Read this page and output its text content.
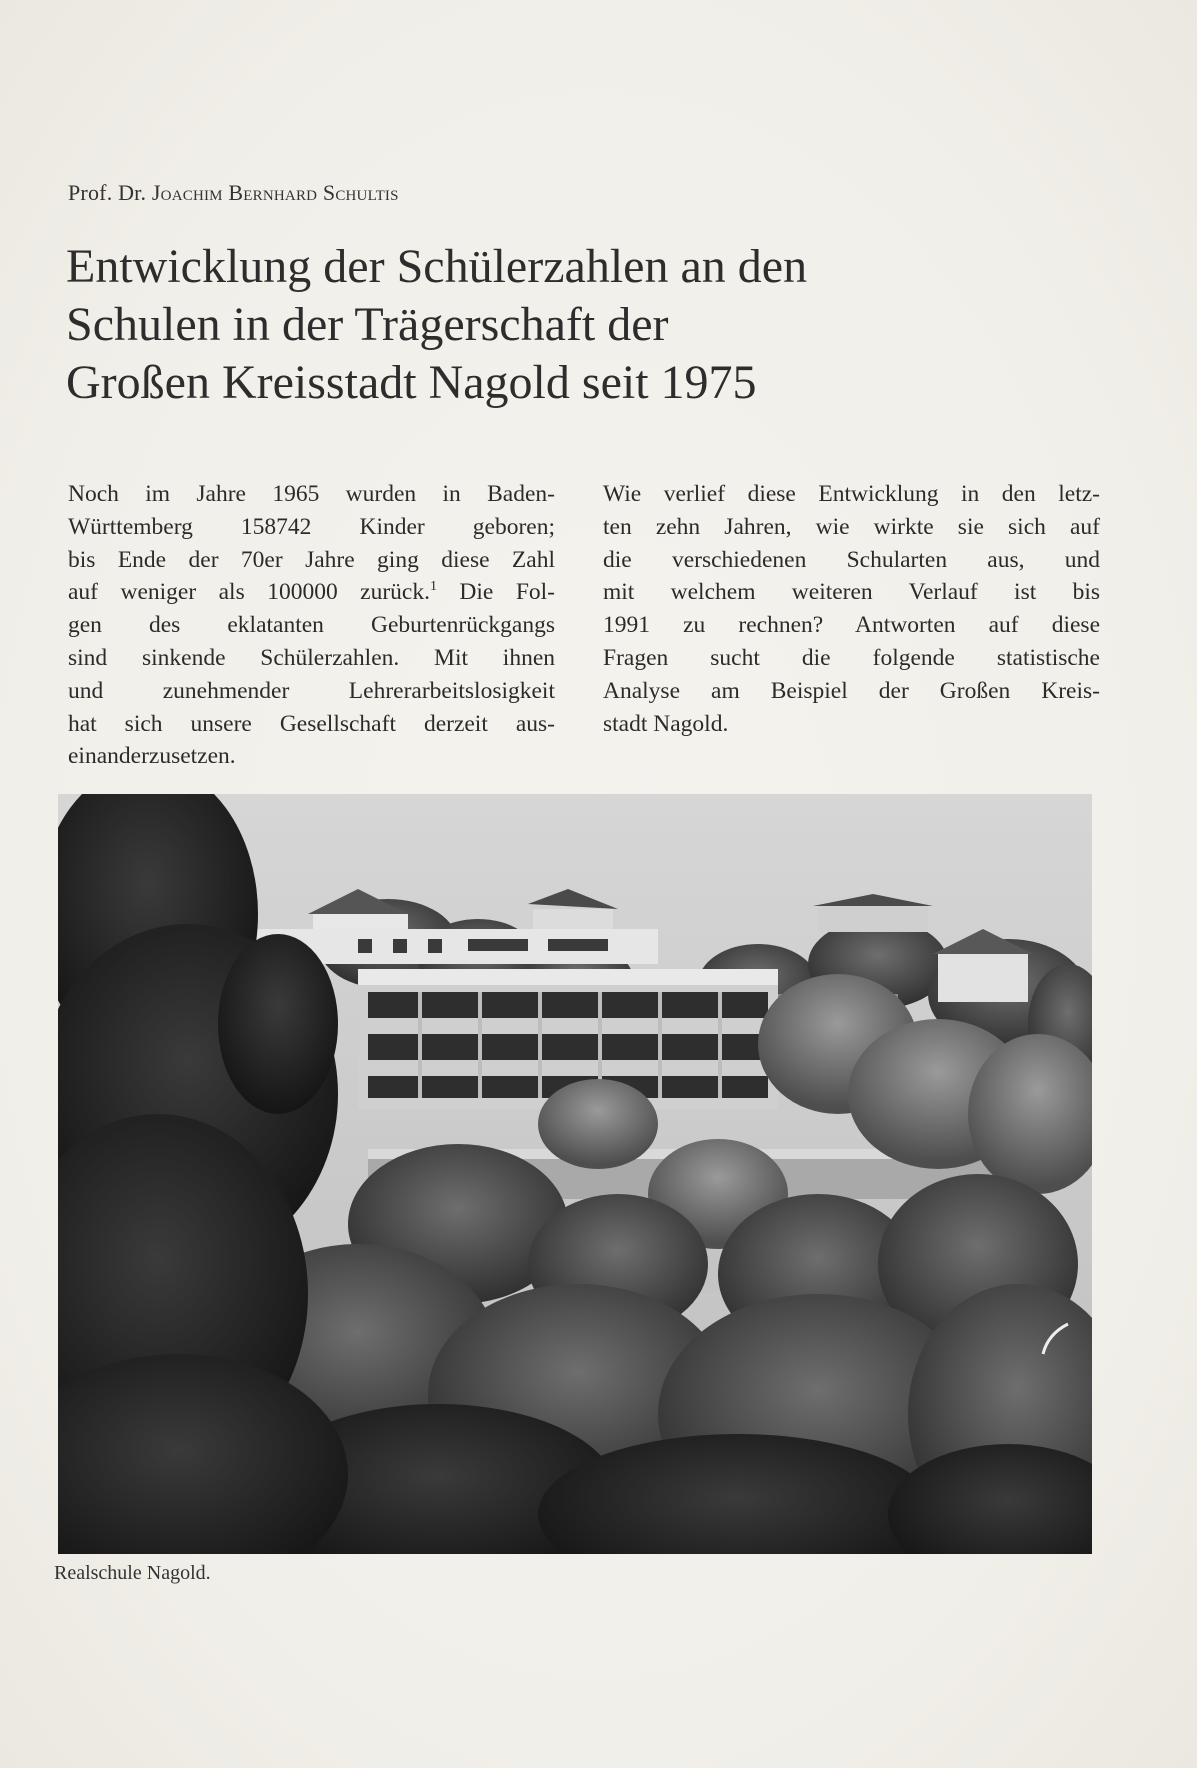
Prof. Dr. Joachim Bernhard Schultis
Entwicklung der Schülerzahlen an den
Schulen in der Trägerschaft der
Großen Kreisstadt Nagold seit 1975
Noch im Jahre 1965 wurden in Baden-
Württemberg 158742 Kinder geboren;
bis Ende der 70er Jahre ging diese Zahl
auf weniger als 100000 zurück.$^1$ Die Fol-
gen des eklatanten Geburtenrückgangs
sind sinkende Schülerzahlen. Mit ihnen
und zunehmender Lehrerarbeitslosigkeit
hat sich unsere Gesellschaft derzeit aus-
einanderzusetzen.
Wie verlief diese Entwicklung in den letz-
ten zehn Jahren, wie wirkte sie sich auf
die verschiedenen Schularten aus, und
mit welchem weiteren Verlauf ist bis
1991 zu rechnen? Antworten auf diese
Fragen sucht die folgende statistische
Analyse am Beispiel der Großen Kreis-
stadt Nagold.
Realschule Nagold.
